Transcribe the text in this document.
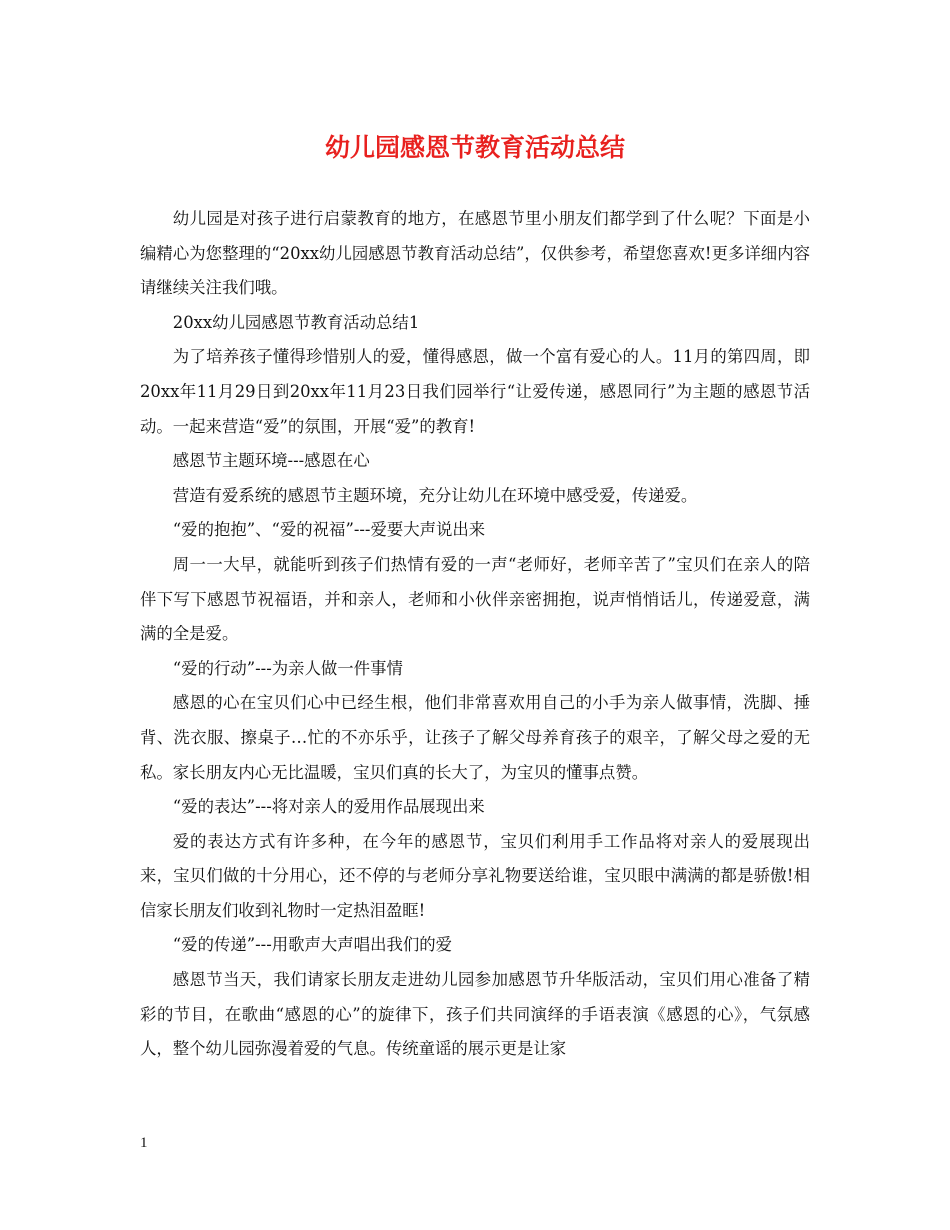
幼儿园感恩节教育活动总结

幼儿园是对孩子进行启蒙教育的地方，在感恩节里小朋友们都学到了什么呢？下面是小编精心为您整理的“20xx幼儿园感恩节教育活动总结”，仅供参考，希望您喜欢!更多详细内容请继续关注我们哦。

20xx幼儿园感恩节教育活动总结1

为了培养孩子懂得珍惜别人的爱，懂得感恩，做一个富有爱心的人。11月的第四周，即20xx年11月29日到20xx年11月23日我们园举行“让爱传递，感恩同行”为主题的感恩节活动。一起来营造“爱”的氛围，开展“爱”的教育!

感恩节主题环境---感恩在心

营造有爱系统的感恩节主题环境，充分让幼儿在环境中感受爱，传递爱。

“爱的抱抱”、“爱的祝福”---爱要大声说出来

周一一大早，就能听到孩子们热情有爱的一声“老师好，老师辛苦了”宝贝们在亲人的陪伴下写下感恩节祝福语，并和亲人，老师和小伙伴亲密拥抱，说声悄悄话儿，传递爱意，满满的全是爱。

“爱的行动”---为亲人做一件事情

感恩的心在宝贝们心中已经生根，他们非常喜欢用自己的小手为亲人做事情，洗脚、捶背、洗衣服、擦桌子…忙的不亦乐乎，让孩子了解父母养育孩子的艰辛，了解父母之爱的无私。家长朋友内心无比温暖，宝贝们真的长大了，为宝贝的懂事点赞。

“爱的表达”---将对亲人的爱用作品展现出来

爱的表达方式有许多种，在今年的感恩节，宝贝们利用手工作品将对亲人的爱展现出来，宝贝们做的十分用心，还不停的与老师分享礼物要送给谁，宝贝眼中满满的都是骄傲!相信家长朋友们收到礼物时一定热泪盈眶!

“爱的传递”---用歌声大声唱出我们的爱

感恩节当天，我们请家长朋友走进幼儿园参加感恩节升华版活动，宝贝们用心准备了精彩的节目，在歌曲“感恩的心”的旋律下，孩子们共同演绎的手语表演《感恩的心》，气氛感人，整个幼儿园弥漫着爱的气息。传统童谣的展示更是让家

1
